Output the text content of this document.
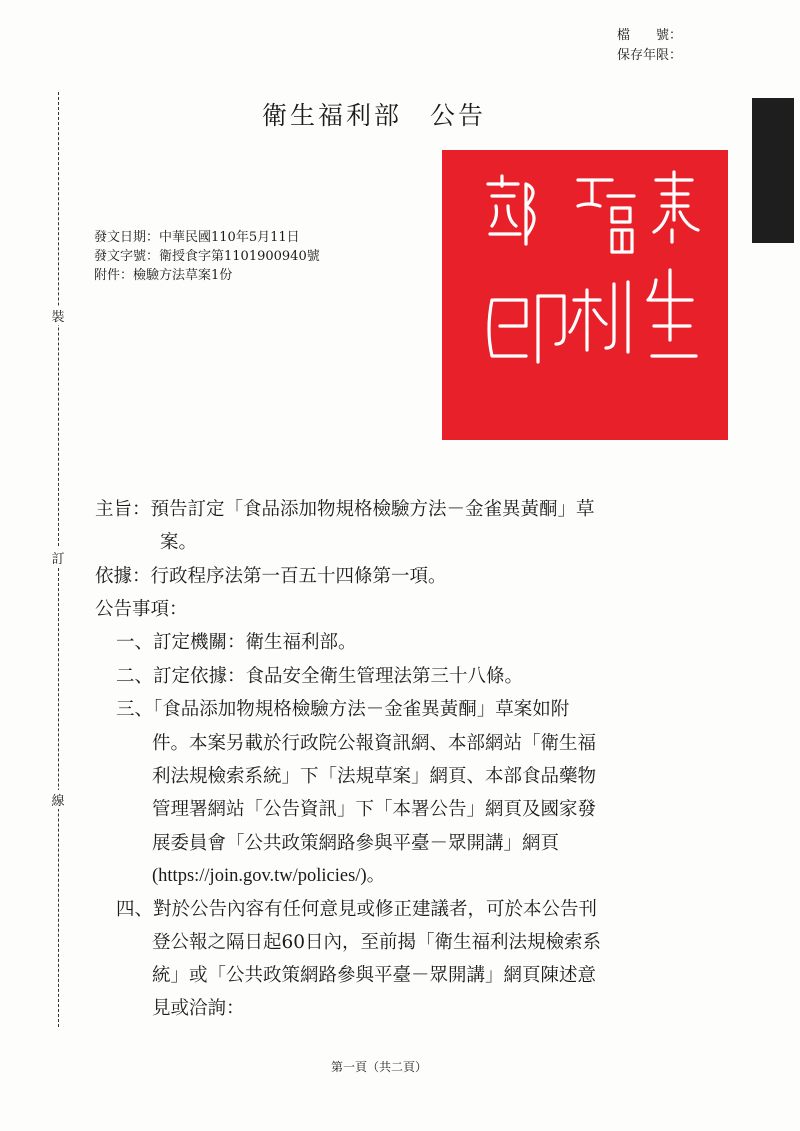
檔　　號：
保存年限：
裝
訂
線
衛生福利部　公告
發文日期：中華民國110年5月11日
發文字號：衛授食字第1101900940號
附件：檢驗方法草案1份
主旨：預告訂定「食品添加物規格檢驗方法－金雀異黃酮」草
案。
依據：行政程序法第一百五十四條第一項。
公告事項：
一、訂定機關：衛生福利部。
二、訂定依據：食品安全衛生管理法第三十八條。
三、「食品添加物規格檢驗方法－金雀異黃酮」草案如附
件。本案另載於行政院公報資訊網、本部網站「衛生福
利法規檢索系統」下「法規草案」網頁、本部食品藥物
管理署網站「公告資訊」下「本署公告」網頁及國家發
展委員會「公共政策網路參與平臺－眾開講」網頁
(https://join.gov.tw/policies/)。
四、對於公告內容有任何意見或修正建議者，可於本公告刊
登公報之隔日起60日內，至前揭「衛生福利法規檢索系
統」或「公共政策網路參與平臺－眾開講」網頁陳述意
見或洽詢：
第一頁（共二頁）
